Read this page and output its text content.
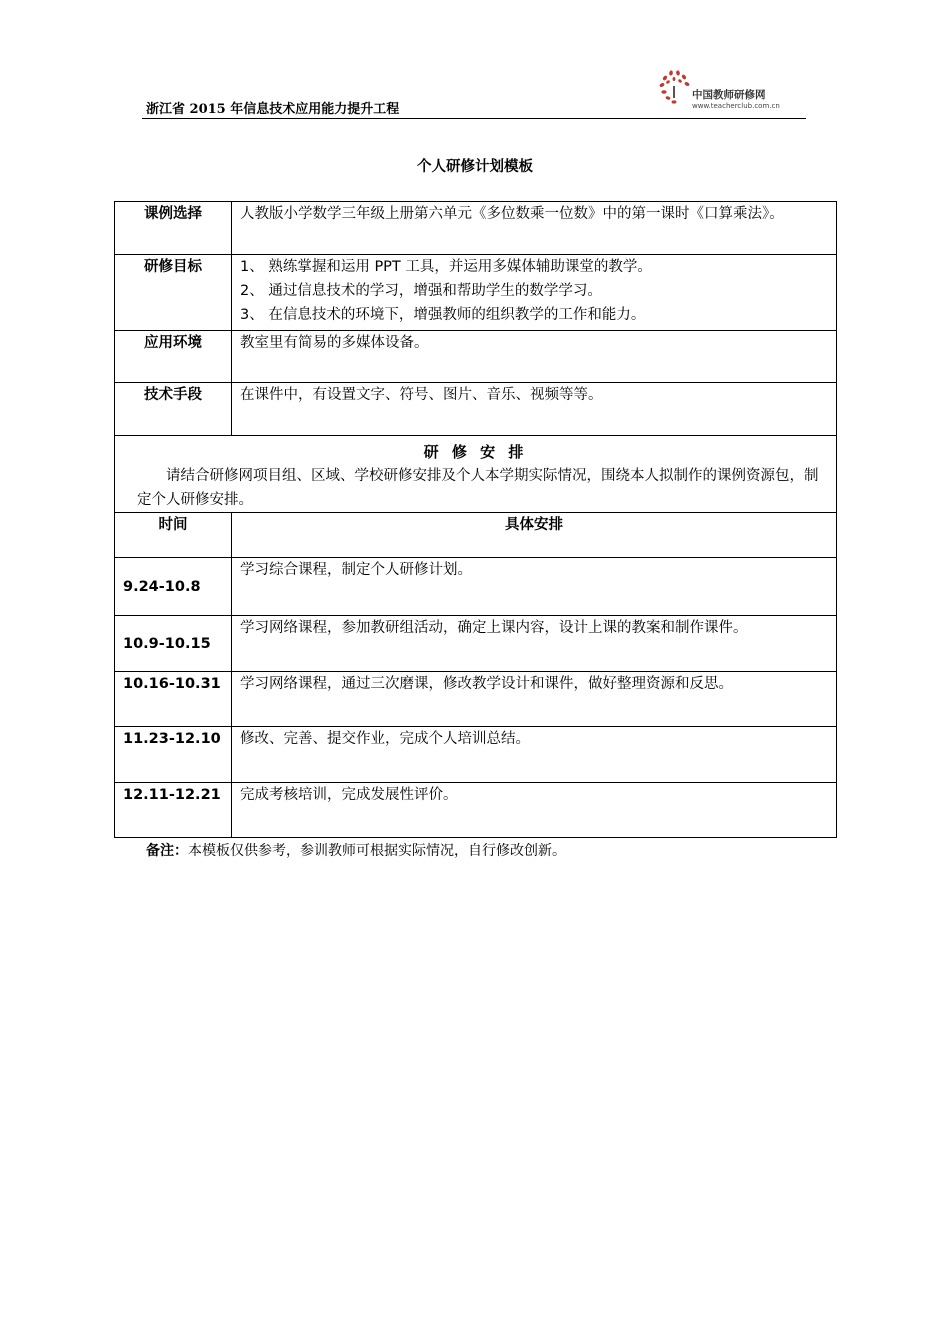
浙江省 2015 年信息技术应用能力提升工程
中国教师研修网
www.teacherclub.com.cn
个人研修计划模板
课例选择	人教版小学数学三年级上册第六单元《多位数乘一位数》中的第一课时《口算乘法》。
研修目标	1、 熟练掌握和运用 PPT 工具，并运用多媒体辅助课堂的教学。
2、 通过信息技术的学习，增强和帮助学生的数学学习。
3、 在信息技术的环境下，增强教师的组织教学的工作和能力。

应用环境	教室里有简易的多媒体设备。
技术手段	在课件中，有设置文字、符号、图片、音乐、视频等等。

研 修 安 排
请结合研修网项目组、区域、学校研修安排及个人本学期实际情况，围绕本人拟制作的课例资源包，制定个人研修安排。	

时间	具体安排
9.24-10.8	学习综合课程，制定个人研修计划。
10.9-10.15	学习网络课程，参加教研组活动，确定上课内容，设计上课的教案和制作课件。
10.16-10.31	学习网络课程，通过三次磨课，修改教学设计和课件，做好整理资源和反思。
11.23-12.10	修改、完善、提交作业，完成个人培训总结。
12.11-12.21	完成考核培训，完成发展性评价。
备注：本模板仅供参考，参训教师可根据实际情况，自行修改创新。
